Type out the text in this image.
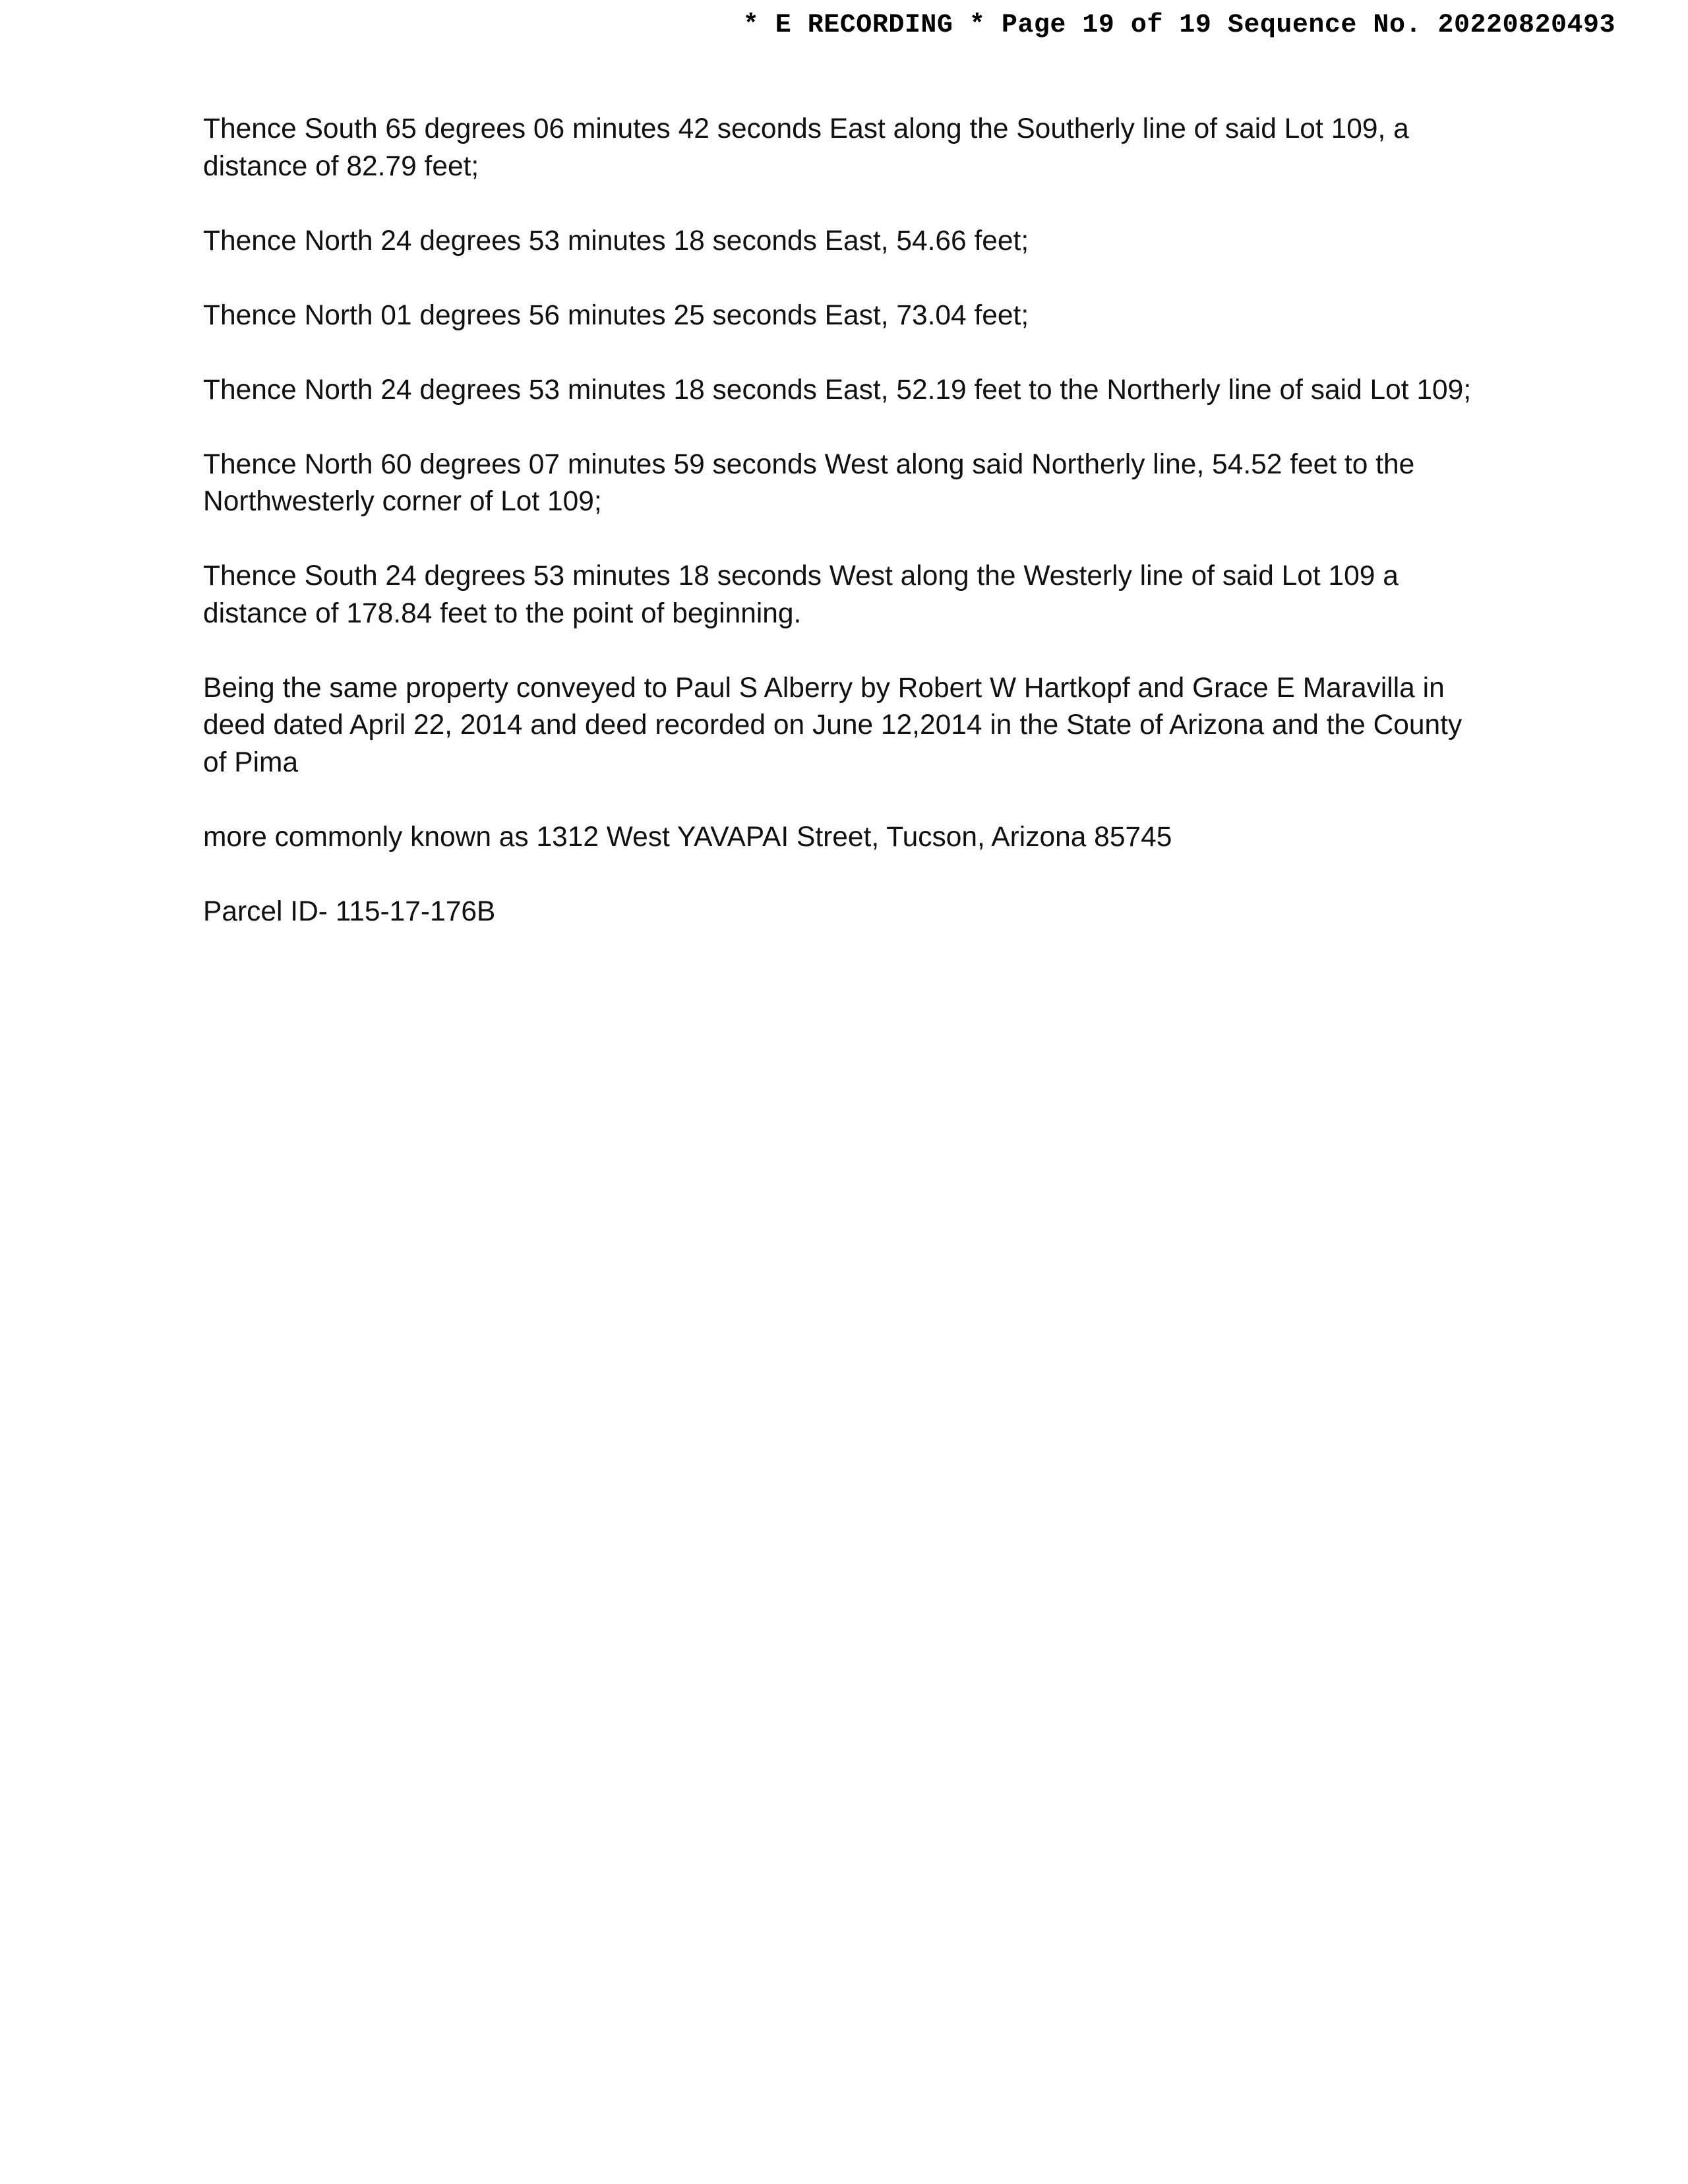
* E RECORDING * Page 19 of 19 Sequence No. 20220820493

Thence South 65 degrees 06 minutes 42 seconds East along the Southerly line of said Lot 109, a distance of 82.79 feet;

Thence North 24 degrees 53 minutes 18 seconds East, 54.66 feet;

Thence North 01 degrees 56 minutes 25 seconds East, 73.04 feet;

Thence North 24 degrees 53 minutes 18 seconds East, 52.19 feet to the Northerly line of said Lot 109;

Thence North 60 degrees 07 minutes 59 seconds West along said Northerly line, 54.52 feet to the Northwesterly corner of Lot 109;

Thence South 24 degrees 53 minutes 18 seconds West along the Westerly line of said Lot 109 a distance of 178.84 feet to the point of beginning.

Being the same property conveyed to Paul S Alberry by Robert W Hartkopf and Grace E Maravilla in deed dated April 22, 2014 and deed recorded on June 12,2014 in the State of Arizona and the County of Pima

more commonly known as 1312 West YAVAPAI Street, Tucson, Arizona 85745

Parcel ID- 115-17-176B
